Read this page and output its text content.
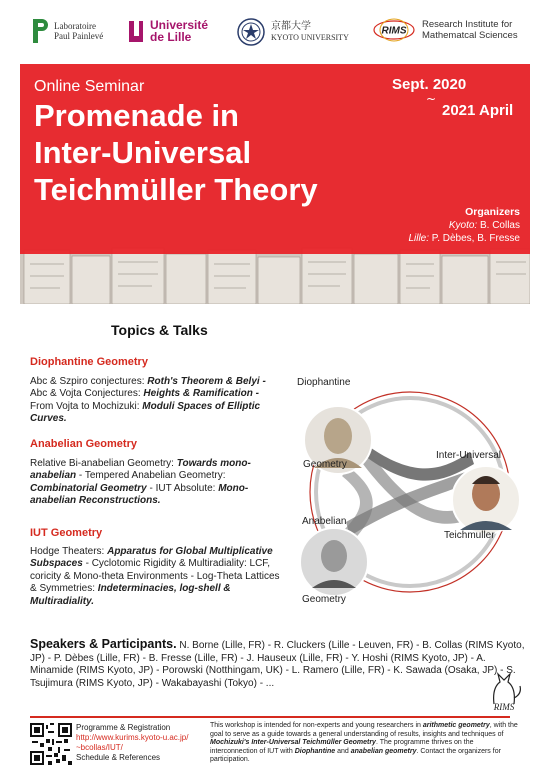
Laboratoire
Paul Painlevé
Université
de Lille
京都大学
KYOTO UNIVERSITY
RIMS
Research Institute for
Mathematcal Sciences
Online Seminar
Promenade in
Inter-Universal
Teichmüller Theory
Sept. 2020
~
2021 April
Organizers
Kyoto: B. Collas
Lille: P. Dèbes, B. Fresse
Topics & Talks
Diophantine Geometry
Abc & Szpiro conjectures: Roth's Theorem & Belyi - Abc & Vojta Conjectures: Heights & Ramification - From Vojta to Mochizuki: Moduli Spaces of Elliptic Curves.
Anabelian Geometry
Relative Bi-anabelian Geometry: Towards mono-anabelian - Tempered Anabelian Geometry: Combinatorial Geometry - IUT Absolute: Mono-anabelian Reconstructions.
IUT Geometry
Hodge Theaters: Apparatus for Global Multiplicative Subspaces - Cyclotomic Rigidity & Multiradiality: LCF, coricity & Mono-theta Environments - Log-Theta Lattices & Symmetries: Indeterminacies, log-shell & Multiradiality.
Diophantine
Geometry
Inter-Universal
Anabelian
Teichmuller
Geometry
Speakers & Participants. N. Borne (Lille, FR) - R. Cluckers (Lille - Leuven, FR) - B. Collas (RIMS Kyoto, JP) - P. Dèbes (Lille, FR) - B. Fresse (Lille, FR) - J. Hauseux (Lille, FR) - Y. Hoshi (RIMS Kyoto, JP) - A. Minamide (RIMS Kyoto, JP) - Porowski (Notthingam, UK) - L. Ramero (Lille, FR) - K. Sawada (Osaka, JP) - S. Tsujimura (RIMS Kyoto, JP) - Wakabayashi (Tokyo) - ...
RIMS
Programme & Registration
http://www.kurims.kyoto-u.ac.jp/
~bcollas/IUT/
Schedule & References
This workshop is intended for non-experts and young researchers in arithmetic geometry, with the goal to serve as a guide towards a general understanding of results, insights and techniques of Mochizuki's Inter-Universal Teichmüller Geometry. The programme thrives on the interconnection of IUT with Diophantine and anabelian geometry. Contact the organizers for participation.
